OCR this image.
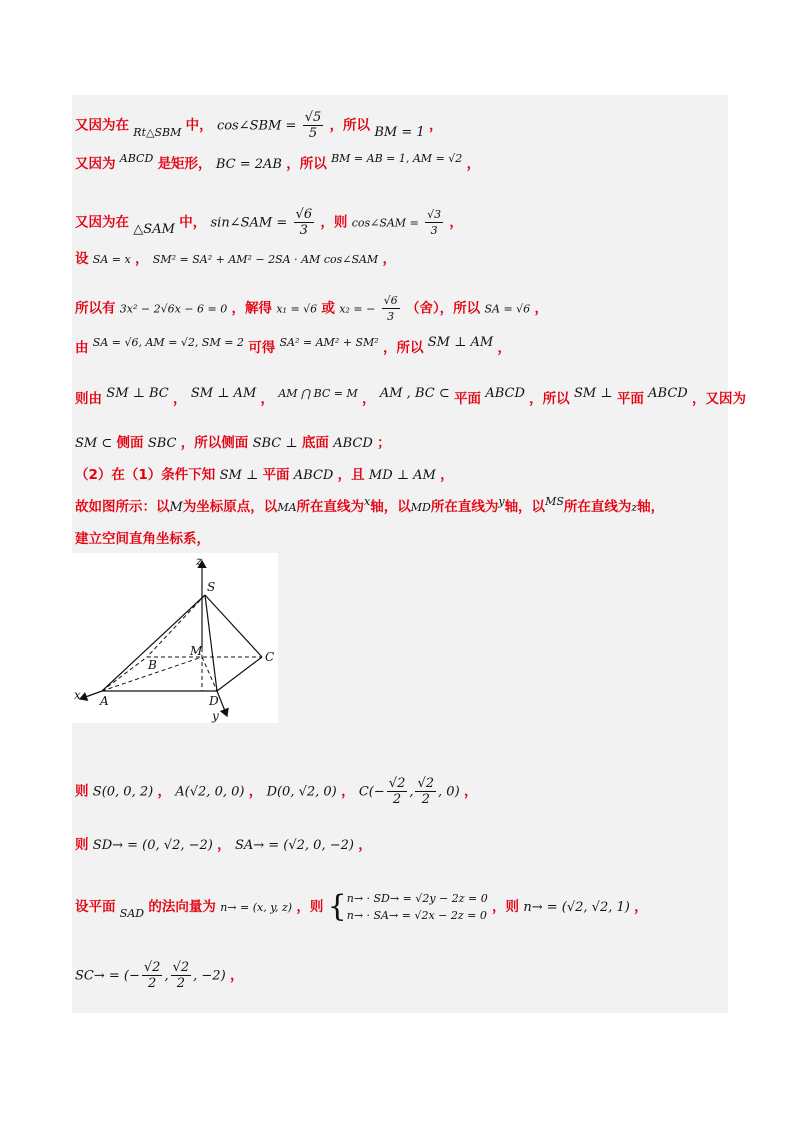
又因为在 $_{Rt\triangle SBM}$ 中， cos∠SBM = $\frac{√5}{5}$ ，所以 BM = 1 ，
又因为 $^{ABCD}$ 是矩形， BC = 2AB ，所以 $^{BM = AB = 1, AM = √2}$ ，
又因为在 △SAM 中， sin∠SAM = $\frac{√6}{3}$ ，则 cos∠SAM = $\frac{√3}{3}$ ，
设 SA = x ， SM² = SA² + AM² − 2SA · AM cos∠SAM ，
所以有 3x² − 2√6x − 6 = 0 ，解得 x₁ = √6 或 x₂ = − $\frac{√6}{3}$ （舍），所以 SA = √6 ，
由 $^{SA = √6, AM = √2, SM = 2}$ 可得 $^{SA^2 = AM^2 + SM^2}$ ，所以 SM ⊥ AM ，
则由 SM ⊥ BC ， SM ⊥ AM ， $^{AM ⋂ BC = M}$ ， AM , BC ⊂ 平面 ABCD ，所以 SM ⊥ 平面 ABCD ，又因为
SM ⊂ 侧面 SBC ，所以侧面 SBC ⊥ 底面 ABCD ；
（2）在（1）条件下知 SM ⊥ 平面 ABCD ，且 MD ⊥ AM ，
故如图所示：以M为坐标原点，以MA所在直线为$^x$轴，以MD所在直线为$^y$轴，以$^{MS}$所在直线为z轴，
建立空间直角坐标系，
z
S
B
M	C
x A	D
y
则 S(0, 0, 2) ， A(√2, 0, 0) ， D(0, √2, 0) ， $C(- \frac{√2}{2}$ , $\frac{√2}{2}$ , 0) ，
则 SD→ = (0, √2, −2) ， SA→ = (√2, 0, −2) ，
设平面 $_{SAD}$ 的法向量为 n→ = (x, y, z) ，则 { n→ · SD→ = √2y − 2z = 0
n→ · SA→ = √2x − 2z = 0
，则 n→ = (√2, √2, 1) ，
SC→ = (− $\frac{√2}{2}$ , $\frac{√2}{2}$ , −2) ，
